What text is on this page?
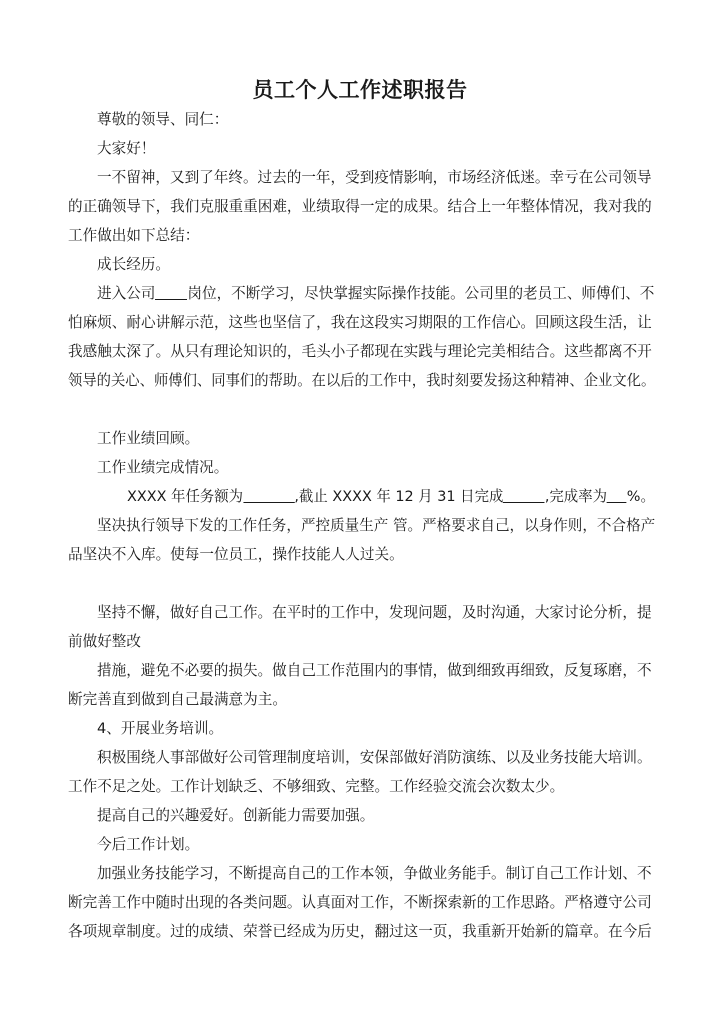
员工个人工作述职报告
尊敬的领导、同仁：
大家好！
一不留神，又到了年终。过去的一年，受到疫情影响，市场经济低迷。幸亏在公司领导
的正确领导下，我们克服重重困难，业绩取得一定的成果。结合上一年整体情况，我对我的
工作做出如下总结：
成长经历。
进入公司 岗位，不断学习，尽快掌握实际操作技能。公司里的老员工、师傅们、不
怕麻烦、耐心讲解示范，这些也坚信了，我在这段实习期限的工作信心。回顾这段生活，让
我感触太深了。从只有理论知识的，毛头小子都现在实践与理论完美相结合。这些都离不开
领导的关心、师傅们、同事们的帮助。在以后的工作中，我时刻要发扬这种精神、企业文化。
工作业绩回顾。
工作业绩完成情况。
XXXX 年任务额为	,截止 XXXX 年 12 月 31 日完成	,完成率为 %。
坚决执行领导下发的工作任务，严控质量生产 管。严格要求自己，以身作则，不合格产
品坚决不入库。使每一位员工，操作技能人人过关。
坚持不懈，做好自己工作。在平时的工作中，发现问题，及时沟通，大家讨论分析，提
前做好整改
措施，避免不必要的损失。做自己工作范围内的事情，做到细致再细致，反复琢磨，不
断完善直到做到自己最满意为主。
4、开展业务培训。
积极围绕人事部做好公司管理制度培训，安保部做好消防演练、以及业务技能大培训。
工作不足之处。工作计划缺乏、不够细致、完整。工作经验交流会次数太少。
提高自己的兴趣爱好。创新能力需要加强。
今后工作计划。
加强业务技能学习，不断提高自己的工作本领，争做业务能手。制订自己工作计划、不
断完善工作中随时出现的各类问题。认真面对工作，不断探索新的工作思路。严格遵守公司
各项规章制度。过的成绩、荣誉已经成为历史，翻过这一页，我重新开始新的篇章。在今后
